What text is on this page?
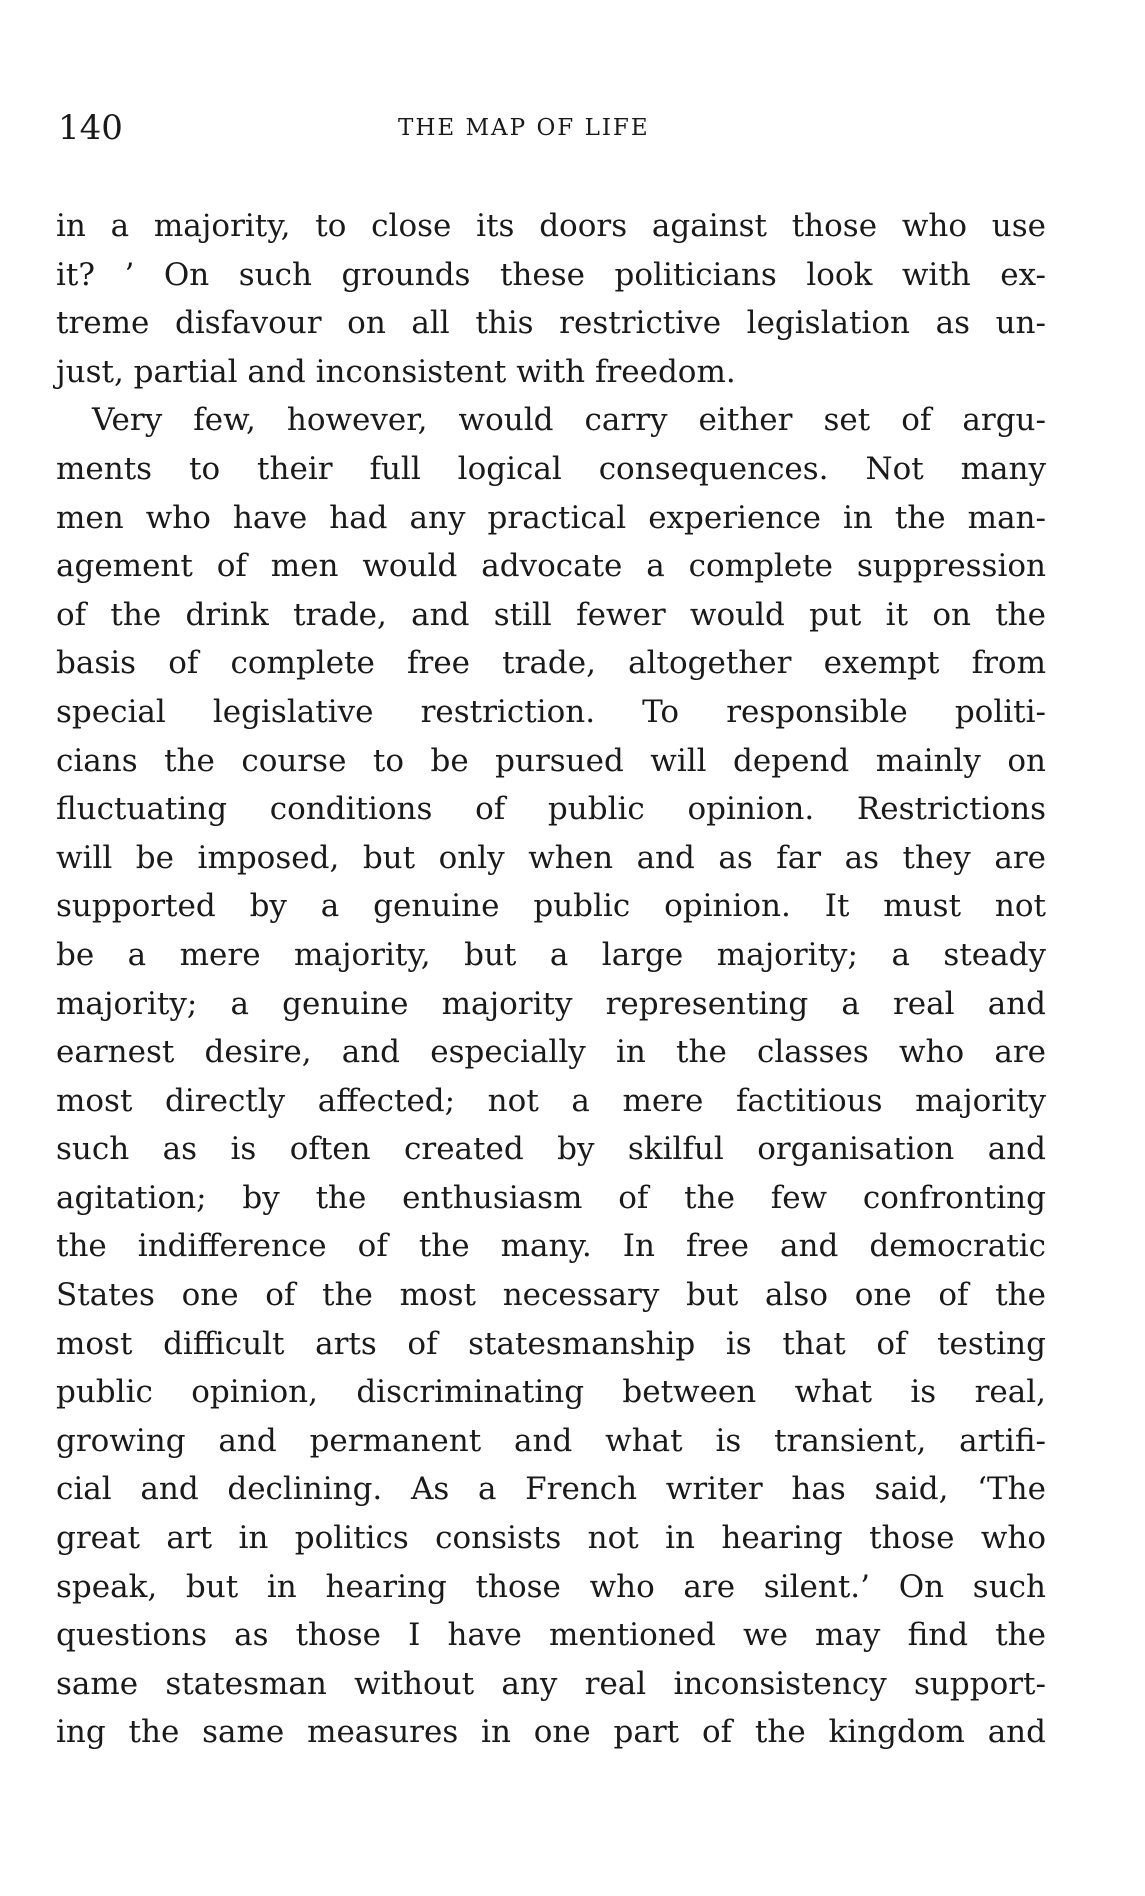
140	THE MAP OF LIFE
in a majority, to close its doors against those who use
it? ’ On such grounds these politicians look with ex-
treme disfavour on all this restrictive legislation as un-
just, partial and inconsistent with freedom.
Very few, however, would carry either set of argu-
ments to their full logical consequences. Not many
men who have had any practical experience in the man-
agement of men would advocate a complete suppression
of the drink trade, and still fewer would put it on the
basis of complete free trade, altogether exempt from
special legislative restriction. To responsible politi-
cians the course to be pursued will depend mainly on
fluctuating conditions of public opinion. Restrictions
will be imposed, but only when and as far as they are
supported by a genuine public opinion. It must not
be a mere majority, but a large majority; a steady
majority; a genuine majority representing a real and
earnest desire, and especially in the classes who are
most directly affected; not a mere factitious majority
such as is often created by skilful organisation and
agitation; by the enthusiasm of the few confronting
the indifference of the many. In free and democratic
States one of the most necessary but also one of the
most difficult arts of statesmanship is that of testing
public opinion, discriminating between what is real,
growing and permanent and what is transient, artifi-
cial and declining. As a French writer has said, ‘The
great art in politics consists not in hearing those who
speak, but in hearing those who are silent.’ On such
questions as those I have mentioned we may find the
same statesman without any real inconsistency support-
ing the same measures in one part of the kingdom and
